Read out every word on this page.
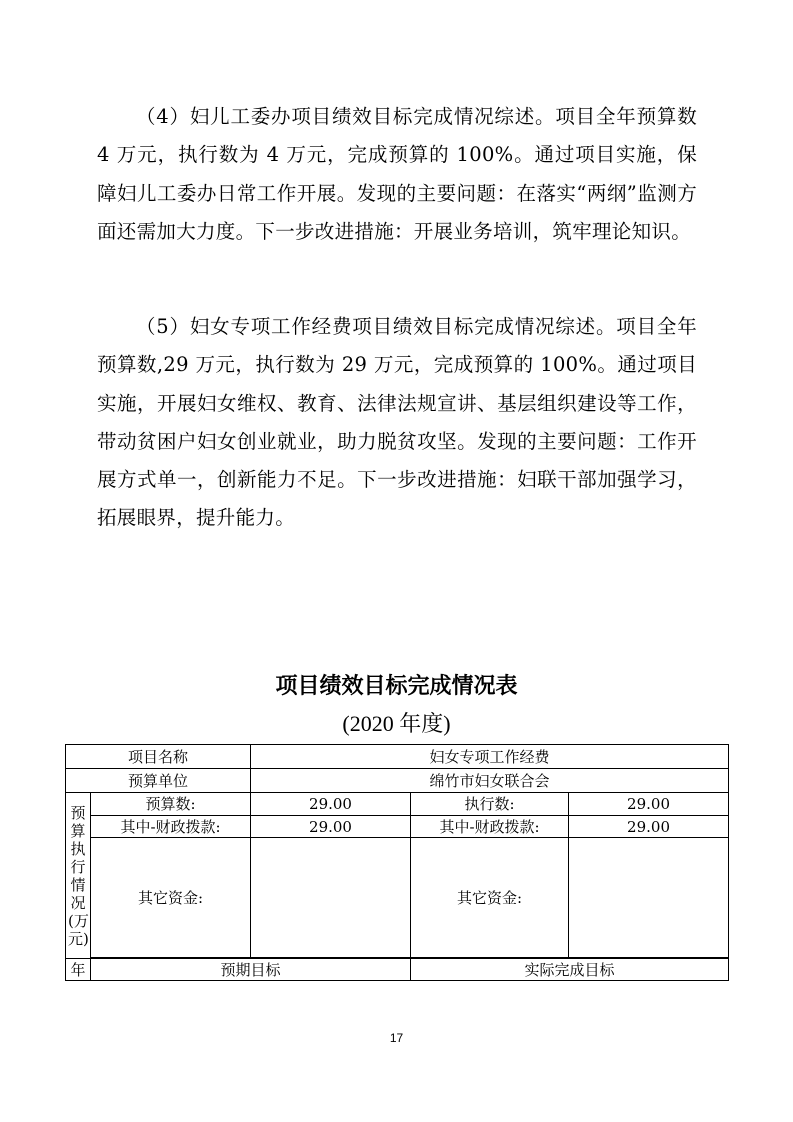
（4）妇儿工委办项目绩效目标完成情况综述。项目全年预算数 4 万元，执行数为 4 万元，完成预算的 100%。通过项目实施，保障妇儿工委办日常工作开展。发现的主要问题：在落实“两纲”监测方面还需加大力度。下一步改进措施：开展业务培训，筑牢理论知识。

（5）妇女专项工作经费项目绩效目标完成情况综述。项目全年预算数,29 万元，执行数为 29 万元，完成预算的 100%。通过项目实施，开展妇女维权、教育、法律法规宣讲、基层组织建设等工作，带动贫困户妇女创业就业，助力脱贫攻坚。发现的主要问题：工作开展方式单一，创新能力不足。下一步改进措施：妇联干部加强学习，拓展眼界，提升能力。

项目绩效目标完成情况表
(2020 年度)
项目名称		妇女专项工作经费		
预算单位		绵竹市妇女联合会		

预算执行情况(万元)	预算数:	29.00	执行数:	29.00
	其中-财政拨款:	29.00	其中-财政拨款:	29.00
	其它资金:		其它资金:	

年	预期目标		实际完成目标	
17
